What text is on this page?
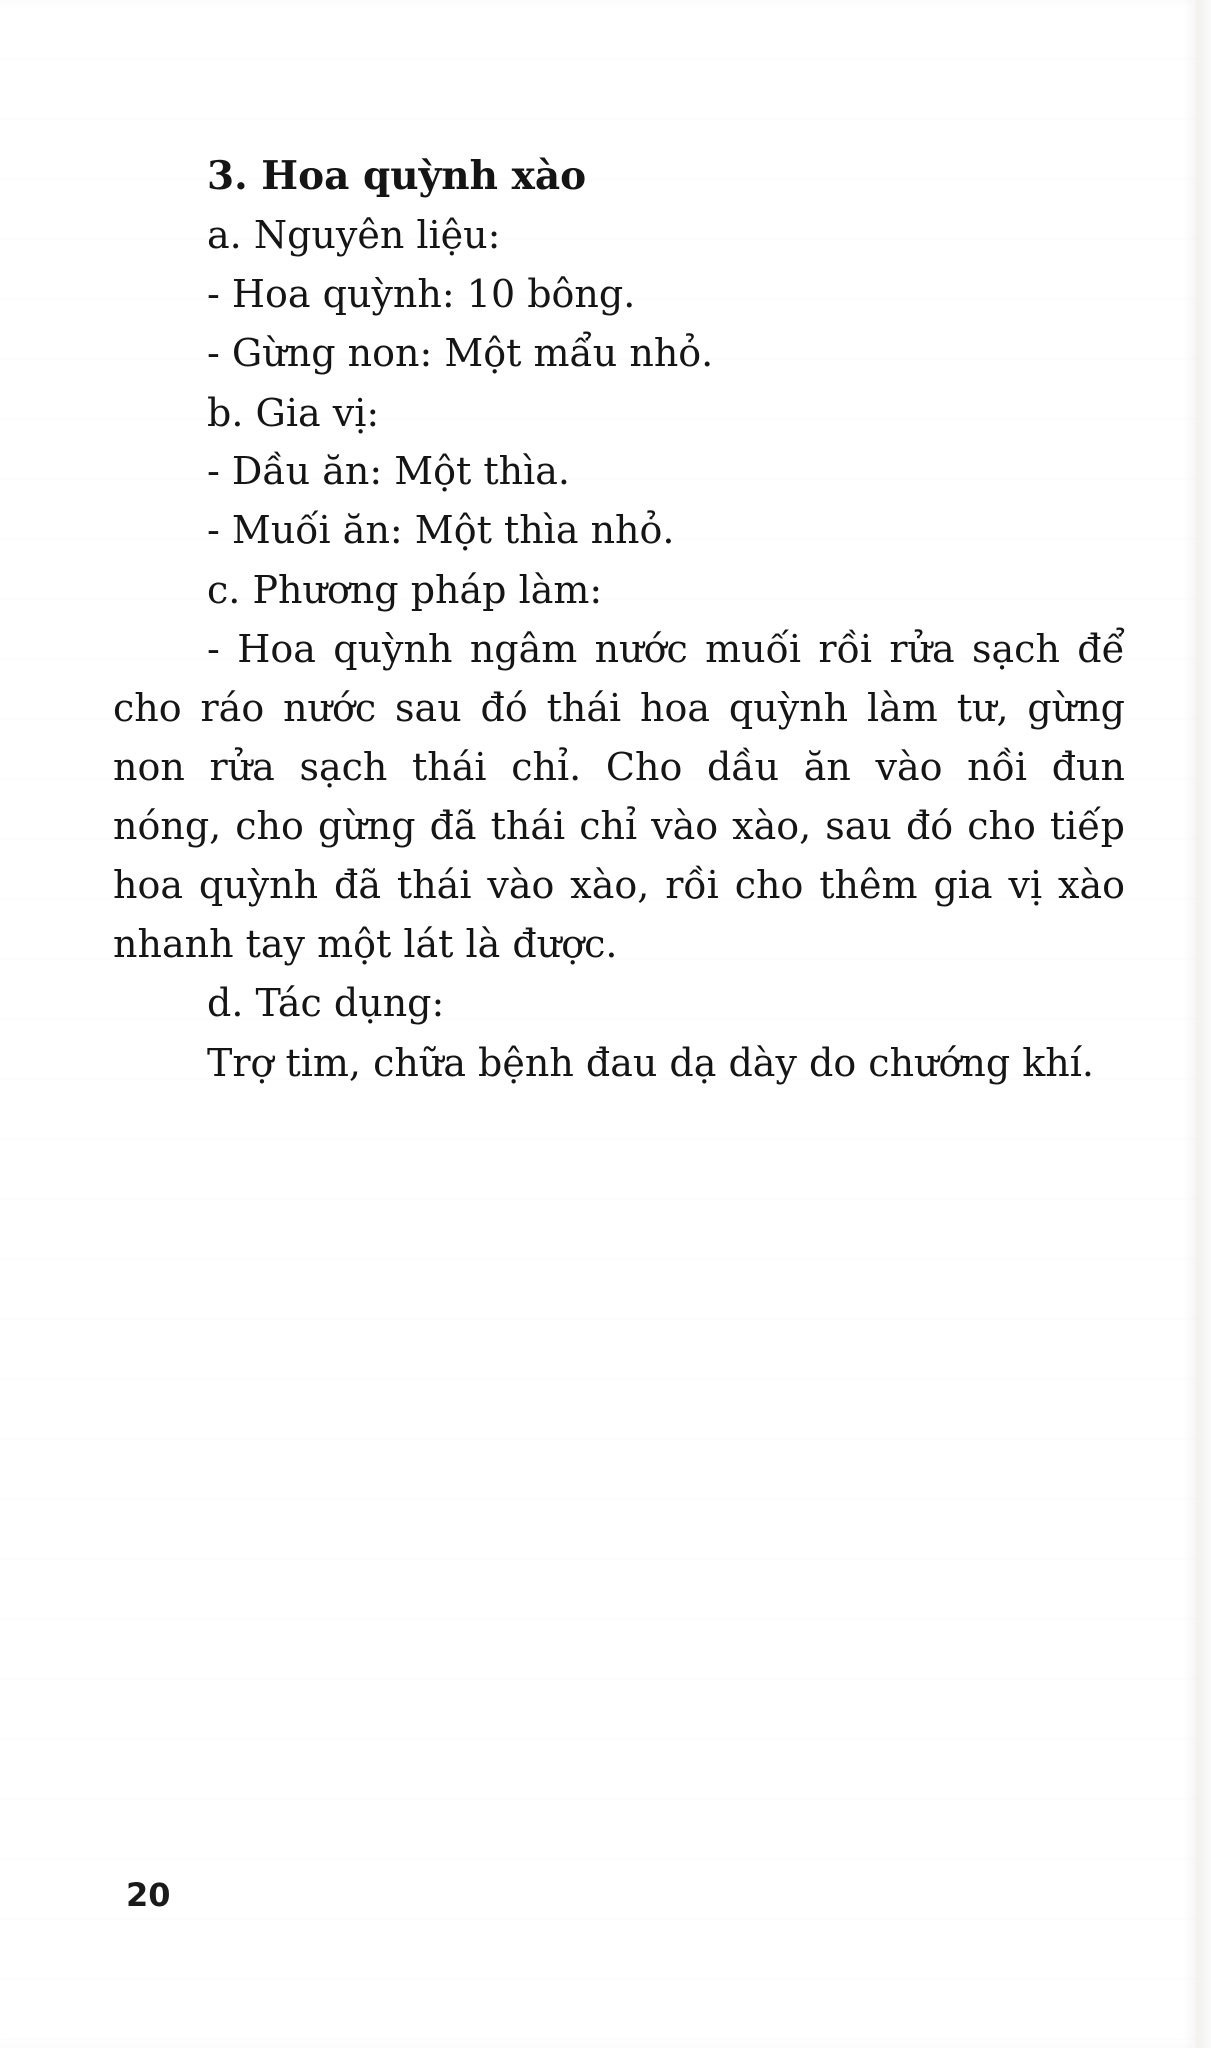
3. Hoa quỳnh xào
a. Nguyên liệu:
- Hoa quỳnh: 10 bông.
- Gừng non: Một mẩu nhỏ.
b. Gia vị:
- Dầu ăn: Một thìa.
- Muối ăn: Một thìa nhỏ.
c. Phương pháp làm:
- Hoa quỳnh ngâm nước muối rồi rửa sạch để
cho ráo nước sau đó thái hoa quỳnh làm tư, gừng
non rửa sạch thái chỉ. Cho dầu ăn vào nồi đun
nóng, cho gừng đã thái chỉ vào xào, sau đó cho tiếp
hoa quỳnh đã thái vào xào, rồi cho thêm gia vị xào
nhanh tay một lát là được.
d. Tác dụng:
Trợ tim, chữa bệnh đau dạ dày do chướng khí.
20
